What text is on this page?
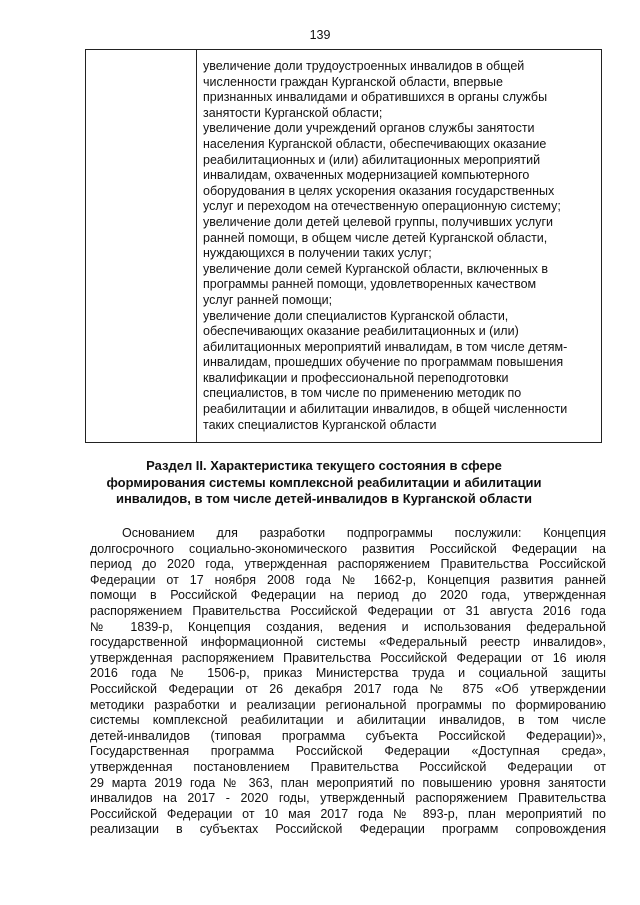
139
увеличение доли трудоустроенных инвалидов в общей
численности граждан Курганской области, впервые
признанных инвалидами и обратившихся в органы службы
занятости Курганской области;
увеличение доли учреждений органов службы занятости
населения Курганской области, обеспечивающих оказание
реабилитационных и (или) абилитационных мероприятий
инвалидам, охваченных модернизацией компьютерного
оборудования в целях ускорения оказания государственных
услуг и переходом на отечественную операционную систему;
увеличение доли детей целевой группы, получивших услуги
ранней помощи, в общем числе детей Курганской области,
нуждающихся в получении таких услуг;
увеличение доли семей Курганской области, включенных в
программы ранней помощи, удовлетворенных качеством
услуг ранней помощи;
увеличение доли специалистов Курганской области,
обеспечивающих оказание реабилитационных и (или)
абилитационных мероприятий инвалидам, в том числе детям-
инвалидам, прошедших обучение по программам повышения
квалификации и профессиональной переподготовки
специалистов, в том числе по применению методик по
реабилитации и абилитации инвалидов, в общей численности
таких специалистов Курганской области
Раздел II. Характеристика текущего состояния в сфере
формирования системы комплексной реабилитации и абилитации
инвалидов, в том числе детей-инвалидов в Курганской области
Основанием для разработки подпрограммы послужили: Концепция
долгосрочного социально-экономического развития Российской Федерации на
период до 2020 года, утвержденная распоряжением Правительства Российской
Федерации от 17 ноября 2008 года № 1662-р, Концепция развития ранней
помощи в Российской Федерации на период до 2020 года, утвержденная
распоряжением Правительства Российской Федерации от 31 августа 2016 года
№ 1839-р, Концепция создания, ведения и использования федеральной
государственной информационной системы «Федеральный реестр инвалидов»,
утвержденная распоряжением Правительства Российской Федерации от 16 июля
2016 года № 1506-р, приказ Министерства труда и социальной защиты
Российской Федерации от 26 декабря 2017 года № 875 «Об утверждении
методики разработки и реализации региональной программы по формированию
системы комплексной реабилитации и абилитации инвалидов, в том числе
детей-инвалидов (типовая программа субъекта Российской Федерации)»,
Государственная программа Российской Федерации «Доступная среда»,
утвержденная постановлением Правительства Российской Федерации от
29 марта 2019 года № 363, план мероприятий по повышению уровня занятости
инвалидов на 2017 - 2020 годы, утвержденный распоряжением Правительства
Российской Федерации от 10 мая 2017 года № 893-р, план мероприятий по
реализации в субъектах Российской Федерации программ сопровождения
